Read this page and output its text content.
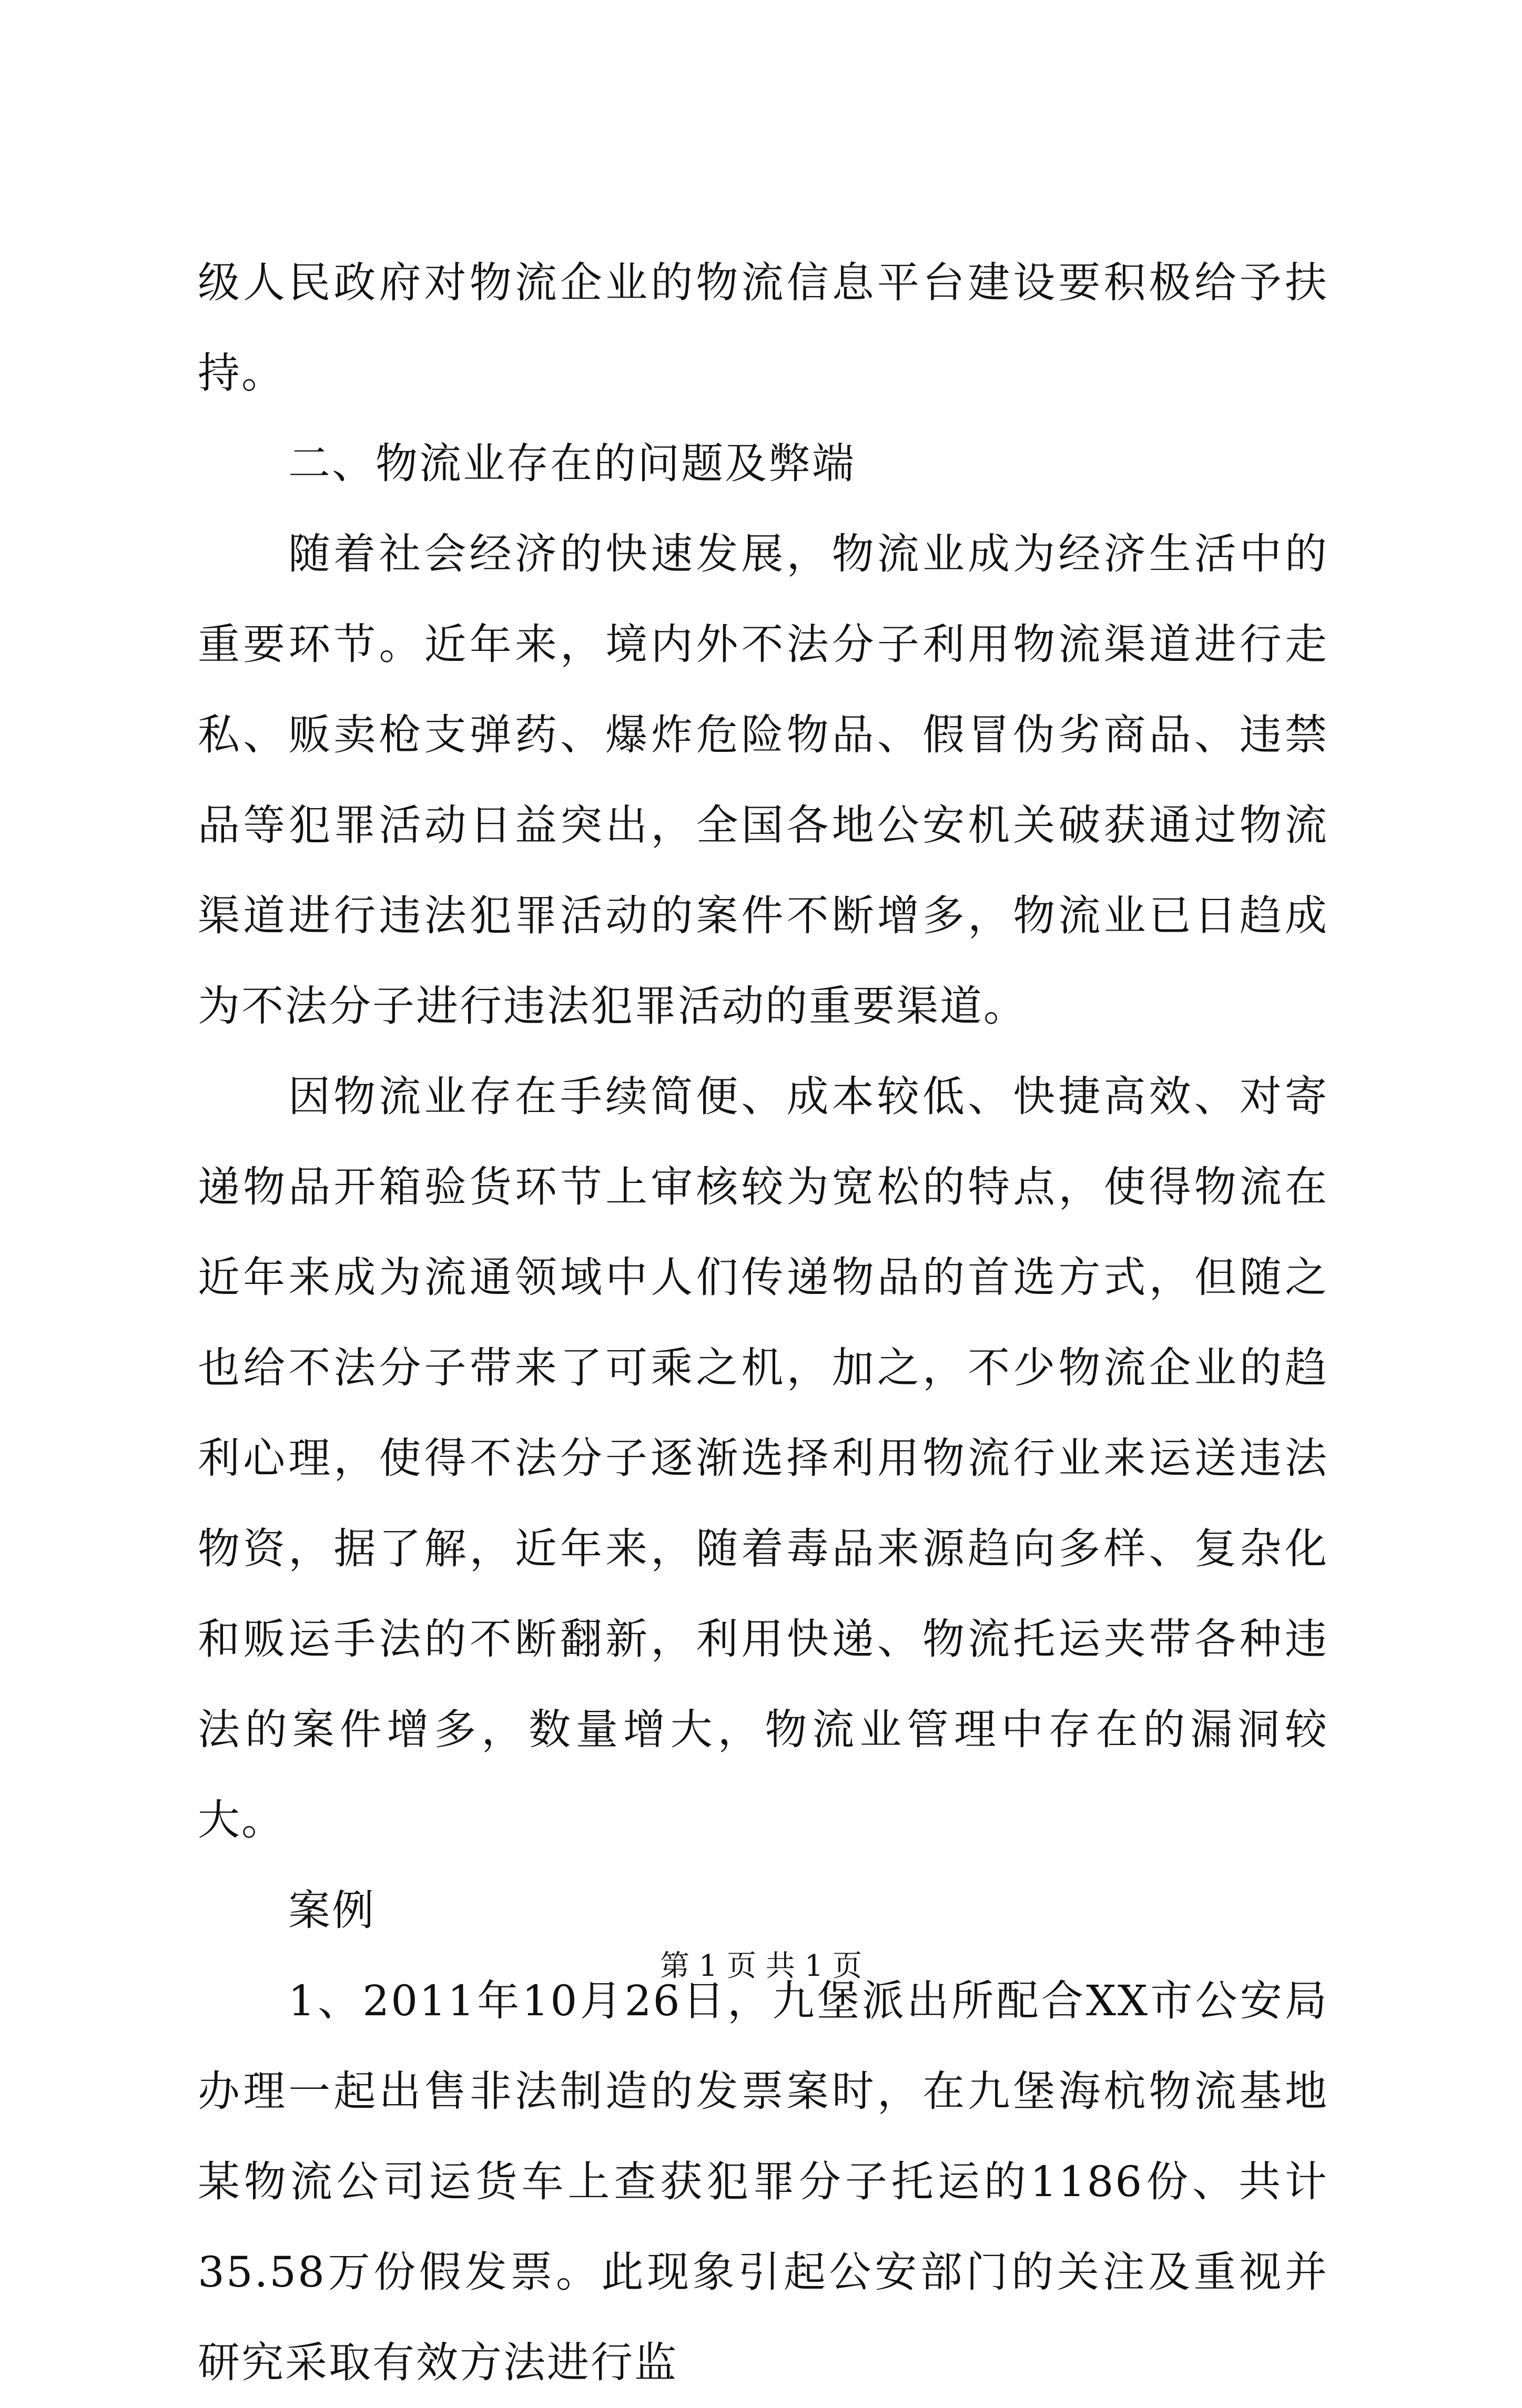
级人民政府对物流企业的物流信息平台建设要积极给予扶持。

二、物流业存在的问题及弊端

随着社会经济的快速发展，物流业成为经济生活中的重要环节。近年来，境内外不法分子利用物流渠道进行走私、贩卖枪支弹药、爆炸危险物品、假冒伪劣商品、违禁品等犯罪活动日益突出，全国各地公安机关破获通过物流渠道进行违法犯罪活动的案件不断增多，物流业已日趋成为不法分子进行违法犯罪活动的重要渠道。

因物流业存在手续简便、成本较低、快捷高效、对寄递物品开箱验货环节上审核较为宽松的特点，使得物流在近年来成为流通领域中人们传递物品的首选方式，但随之也给不法分子带来了可乘之机，加之，不少物流企业的趋利心理，使得不法分子逐渐选择利用物流行业来运送违法物资，据了解，近年来，随着毒品来源趋向多样、复杂化和贩运手法的不断翻新，利用快递、物流托运夹带各种违法的案件增多，数量增大，物流业管理中存在的漏洞较大。

案例

1、2011年10月26日，九堡派出所配合XX市公安局办理一起出售非法制造的发票案时，在九堡海杭物流基地某物流公司运货车上查获犯罪分子托运的1186份、共计35.58万份假发票。此现象引起公安部门的关注及重视并研究采取有效方法进行监

第 1 页 共 1 页
